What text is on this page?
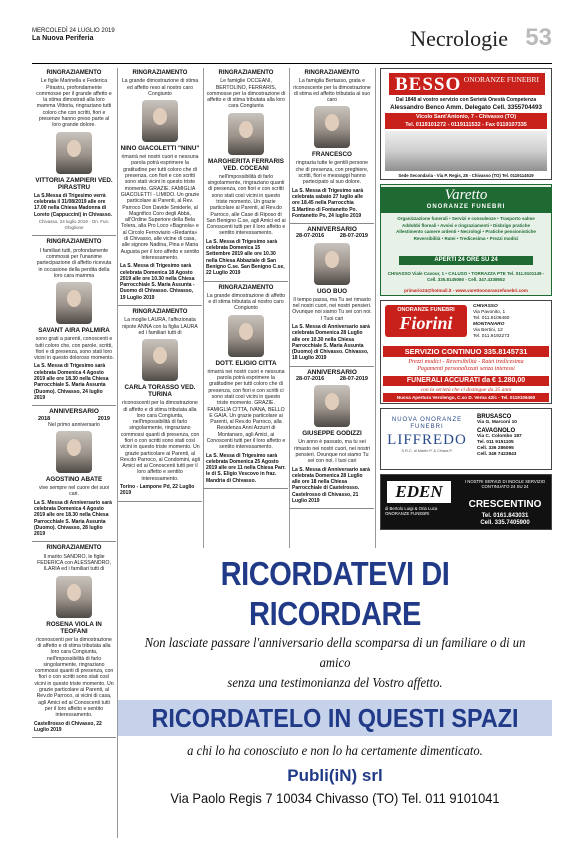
MERCOLEDÌ 24 LUGLIO 2019
La Nuova Periferia	Necrologie 53
RINGRAZIAMENTO
Le figlie Marinella e Federica Pirastru, profondamente commosse per il grande affetto e la stima dimostrati alla loro mamma Vittoria, ringraziano tutti coloro che con scritti, fiori e presenze hanno preso parte al loro grande dolore.
VITTORIA ZAMPIERI VED. PIRASTRU
La S.Messa di Trigesimo verrà celebrata il 31/08/2019 alle ore 17.00 nella Chiesa Madonna di Loreto (Cappuccini) in Chivasso.
Chivasso, 24 luglio 2019 · On. Fun. Ghiglione
RINGRAZIAMENTO
I familiari tutti, profondamente commossi per l'unanime partecipazione di affetto ricevuta in occasione della perdita della loro cara mamma
SAVANT AIRA PALMIRA
sono grati a parenti, conoscenti e tutti coloro che, con parole, scritti, fiori e di presenza, sono stati loro vicini in questo doloroso momento.
La S. Messa di Trigesimo sarà celebrata Domenica 4 Agosto 2019 alle ore 18.30 nella Chiesa Parrocchiale S. Maria Assunta (Duomo). Chivasso, 24 luglio 2019
ANNIVERSARIO
2018	2019
Nel primo anniversario
AGOSTINO ABATE
vive sempre nel cuore dei suoi cari.
La S. Messa di Anniversario sarà celebrata Domenica 4 Agosto 2019 alle ore 18.30 nella Chiesa Parrocchiale S. Maria Assunta (Duomo). Chivasso, 28 luglio 2019
RINGRAZIAMENTO
Il marito SANDRO, le figlie FEDERICA con ALESSANDRO, ILARIA ed i familiari tutti di
ROSENA VIOLA IN TEOFANI
riconoscenti per la dimostrazione di affetto e di stima tributata alla loro cara Congiunta, nell'impossibilità di farlo singolarmente, ringraziano commossi quanti di presenza, con fiori o con scritti sono stati così vicini in questo triste momento. Un grazie particolare ai Parenti, al Rev.do Parroco, ai vicini di casa, agli Amici ed ai Conoscenti tutti per il loro affetto e sentito interessamento.
Castellrosso di Chivasso, 22 Luglio 2019
RINGRAZIAMENTO
La grande dimostrazione di stima ed affetto reso al nostro caro Congiunto
NINO GIACOLETTI "NINU"
rimarrà nei nostri cuori e nessuna parola potrà esprimere la gratitudine per tutti coloro che di presenza, con fiori e con scritti sono stati vicini in questo triste momento. GRAZIE. FAMIGLIA GIACOLETTI - LIMIDO. Un grazie particolare ai Parenti, al Rev. Parroco Don Davide Smiderle, al Magnifico Coro degli Abbà, all'Ordine Superiore della Bela Tolera, alla Pro Loco «Bagnola» e al Circolo Ferroviario «Redanta» di Chivasso, alle vicine di casa, alle signore Nadina, Pina e Maria Augusta per il loro affetto e sentito interessamento.
La S. Messa di Trigesimo sarà celebrata Domenica 18 Agosto 2019 alle ore 10.30 nella Chiesa Parrocchiale S. Maria Assunta - Duomo di Chivasso. Chivasso, 19 Luglio 2019
RINGRAZIAMENTO
La moglie LAURA, l'affezionata nipote ANNA con la figlia LAURA ed i familiari tutti di
CARLA TORASSO VED. TURINA
riconoscenti per la dimostrazione di affetto e di stima tributata alla loro cara Congiunta, nell'impossibilità di farlo singolarmente, ringraziano commossi quanti di presenza, con fiori o con scritti sono stati così vicini in questo triste momento. Un grazie particolare ai Parenti, al Rev.do Parroco, ai Condomini, agli Amici ed ai Conoscenti tutti per il loro affetto e sentito interessamento.
Torino - Lampone Pd, 22 Luglio 2019
RINGRAZIAMENTO
Le famiglie OCCEANI, BERTOLINO, FERRARIS, commosse per la dimostrazione di affetto e di stima tributata alla loro cara Congiunta
MARGHERITA FERRARIS VED. COCEANI
nell'impossibilità di farlo singolarmente, ringraziano quanti di presenza, con fiori e con scritti sono stati così vicini in questo triste momento. Un grazie particolare ai Parenti, al Rev.do Parroco, alle Case di Riposo di San Benigno C.se, agli Amici ed ai Conoscenti tutti per il loro affetto e sentito interessamento.
La S. Messa di Trigesimo sarà celebrata Domenica 15 Settembre 2019 alle ore 10.30 nella Chiesa Abbaziale di San Benigno C.se. San Benigno C.se, 22 Luglio 2019
RINGRAZIAMENTO
La grande dimostrazione di affetto e di stima tributata al nostro caro Congiunto
DOTT. ELIGIO CITTA
rimarrà nei nostri cuori e nessuna parola potrà esprimere la gratitudine per tutti coloro che di presenza, con fiori e con scritti ci sono stati così vicini in questo triste momento. GRAZIE. FAMIGLIA CITTA, IVANA, BELLO E GAIA. Un grazie particolare ai Parenti, al Rev.do Parroco, alla Residenza Anni Azzurri di Montanaro, agli Amici, ai Conoscenti tutti per il loro affetto e sentito interessamento.
La S. Messa di Trigesimo sarà celebrata Domenica 25 Agosto 2019 alle ore 11 nella Chiesa Parr. le di S. Eligio Vescovo in fraz. Mandria di Chivasso.
RINGRAZIAMENTO
La famiglia Bertasso, grata e riconoscente per la dimostrazione di stima ed affetto tributata al suo caro
FRANCESCO
ringrazia tutte le gentili persone che di presenza, con preghiere, scritti, fiori e messaggi hanno partecipato al suo dolore.
La S. Messa di Trigesimo sarà celebrata sabato 27 luglio alle ore 18.45 nella Parrocchia S.Martino di Fontanetto Po. Fontanetto Po, 24 luglio 2019
ANNIVERSARIO
28-07-2016	28-07-2019
UGO BUO
Il tempo passa, ma Tu sei rimasto nel nostri cuori, nei nostri pensieri. Ovunque noi siamo Tu sei con noi. I Tuoi cari
La S. Messa di Anniversario sarà celebrata Domenica 28 Luglio alle ore 10.30 nella Chiesa Parrocchiale S. Maria Assunta (Duomo) di Chivasso. Chivasso, 18 Luglio 2019
ANNIVERSARIO
28-07-2016	28-07-2019
GIUSEPPE GODIZZI
Un anno è passato, ma tu sei rimasto nei nostri cuori, nei nostri pensieri. Ovunque noi siamo Tu sei con noi. I tuoi cari
La S. Messa di Anniversario sarà celebrata Domenica 28 Luglio alle ore 18 nella Chiesa Parrocchiale di Castelrosso. Castelrosso di Chivasso, 21 Luglio 2019
BESSO ONORANZE FUNEBRI
Dal 1848 al vostro servizio con Serietà Onestà Competenza
Alessandro Benco Amm. Delegato Cell. 3355704493
Vicolo Sant'Antonio, 7 - Chivasso (TO)
Tel. 0119101272 - 0119111532 - Fax 0119107335
Sede Secondaria - Via P. Regis, 28 - Chivasso (TO) Tel. 0119114519
Varetto
ONORANZE FUNEBRI
Organizzazione funerali • Servizi e consulenze • Trasporto salme
Addobbi floreali • Avvisi e ringraziamenti • Disbrigo pratiche
Allestimento camere ardenti • Necrologi • Pratiche pensionistiche
Reversibilità • Ratei • Tredicesima • Prezzi modici
APERTI 24 ORE SU 24
CHIVASSO Viale Cavour, 1 • CALUSO • TORRAZZA PTE Tel. 011.9101149 - Cell. 335.8145060 - Cell. 347.4338652
primario24@hotmail.it - www.varettoonoranzefunebri.com
ONORANZE FUNEBRI
Fiorini
CHIVASSO
Via Pavonito, 1
Tel. 011.9106460
MONTANARO
Via Bertini, 12
Tel. 011.9192273
SERVIZIO CONTINUO 335.8145731
Prezzi modici - Reversibilità - Ratei tredicesima
Pagamenti personalizzati senza interessi
FUNERALI ACCURATI da € 1.280,00
con la serietà che ci distingue da 35 anni
Nuova Apertura Verolengo, C.so D. Verna 42/c - Tel. 0119106460
NUOVA ONORANZE FUNEBRI
LIFFREDO
S.R.C. di Martin P. & Chiara P.
BRUSASCO
Via G. Marconi 10
CAVAGNOLO
Via C. Colombo 187
Tel. 011 9151105
Cell. 336 286095
Cell. 349 7423843
EDEN
di Bertolo Luigi & Oria Luca ONORANZE FUNEBRI
I NOSTRI SERVIZI DI INDOLE SERVIZIO CONTINUATO 24 SU 24
CRESCENTINO
Tel. 0161.843031
Cell. 335.7405900
RICORDATEVI DI RICORDARE
Non lasciate passare l'anniversario della scomparsa di un familiare o di un amico
senza una testimonianza del Vostro affetto.
RICORDATELO IN QUESTI SPAZI
a chi lo ha conosciuto e non lo ha certamente dimenticato.
Publi(iN) srl
Via Paolo Regis 7 10034 Chivasso (TO) Tel. 011 9101041
